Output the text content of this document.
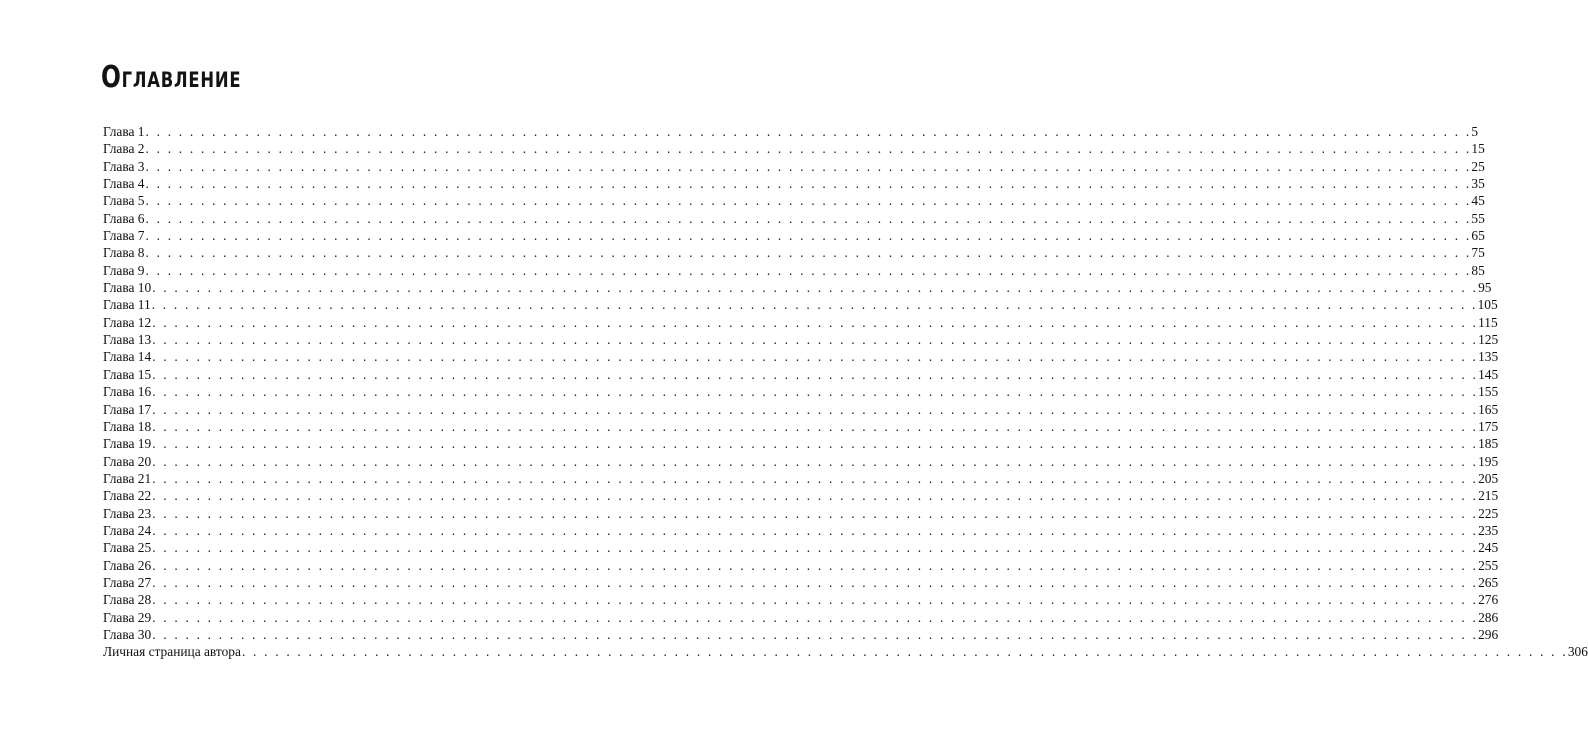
Оглавление
Глава 1 . . . . . . . . . . . . . . . . . . . . . . . . . . . . . . . . . . . . . . . . . . . . . . . . . . . . . . . . . . . . . . . . . . . . . . . . . . . . . . . . . . . . . . . . . . . . . . . . . . . . . . . . . . . . . . . . . . . . . . . . 5
Глава 2 . . . . . . . . . . . . . . . . . . . . . . . . . . . . . . . . . . . . . . . . . . . . . . . . . . . . . . . . . . . . . . . . . . . . . . . . . . . . . . . . . . . . . . . . . . . . . . . . . . . . . . . . . . . . . . . . . . . . . . . . 15
Глава 3 . . . . . . . . . . . . . . . . . . . . . . . . . . . . . . . . . . . . . . . . . . . . . . . . . . . . . . . . . . . . . . . . . . . . . . . . . . . . . . . . . . . . . . . . . . . . . . . . . . . . . . . . . . . . . . . . . . . . . . . . 25
Глава 4 . . . . . . . . . . . . . . . . . . . . . . . . . . . . . . . . . . . . . . . . . . . . . . . . . . . . . . . . . . . . . . . . . . . . . . . . . . . . . . . . . . . . . . . . . . . . . . . . . . . . . . . . . . . . . . . . . . . . . . . . 35
Глава 5 . . . . . . . . . . . . . . . . . . . . . . . . . . . . . . . . . . . . . . . . . . . . . . . . . . . . . . . . . . . . . . . . . . . . . . . . . . . . . . . . . . . . . . . . . . . . . . . . . . . . . . . . . . . . . . . . . . . . . . . . 45
Глава 6 . . . . . . . . . . . . . . . . . . . . . . . . . . . . . . . . . . . . . . . . . . . . . . . . . . . . . . . . . . . . . . . . . . . . . . . . . . . . . . . . . . . . . . . . . . . . . . . . . . . . . . . . . . . . . . . . . . . . . . . . 55
Глава 7 . . . . . . . . . . . . . . . . . . . . . . . . . . . . . . . . . . . . . . . . . . . . . . . . . . . . . . . . . . . . . . . . . . . . . . . . . . . . . . . . . . . . . . . . . . . . . . . . . . . . . . . . . . . . . . . . . . . . . . . . 65
Глава 8 . . . . . . . . . . . . . . . . . . . . . . . . . . . . . . . . . . . . . . . . . . . . . . . . . . . . . . . . . . . . . . . . . . . . . . . . . . . . . . . . . . . . . . . . . . . . . . . . . . . . . . . . . . . . . . . . . . . . . . . . 75
Глава 9 . . . . . . . . . . . . . . . . . . . . . . . . . . . . . . . . . . . . . . . . . . . . . . . . . . . . . . . . . . . . . . . . . . . . . . . . . . . . . . . . . . . . . . . . . . . . . . . . . . . . . . . . . . . . . . . . . . . . . . . . 85
Глава 10 . . . . . . . . . . . . . . . . . . . . . . . . . . . . . . . . . . . . . . . . . . . . . . . . . . . . . . . . . . . . . . . . . . . . . . . . . . . . . . . . . . . . . . . . . . . . . . . . . . . . . . . . . . . . . . . . . . . . . . . . 95
Глава 11 . . . . . . . . . . . . . . . . . . . . . . . . . . . . . . . . . . . . . . . . . . . . . . . . . . . . . . . . . . . . . . . . . . . . . . . . . . . . . . . . . . . . . . . . . . . . . . . . . . . . . . . . . . . . . . . . . . . . . . . . 105
Глава 12 . . . . . . . . . . . . . . . . . . . . . . . . . . . . . . . . . . . . . . . . . . . . . . . . . . . . . . . . . . . . . . . . . . . . . . . . . . . . . . . . . . . . . . . . . . . . . . . . . . . . . . . . . . . . . . . . . . . . . . . . 115
Глава 13 . . . . . . . . . . . . . . . . . . . . . . . . . . . . . . . . . . . . . . . . . . . . . . . . . . . . . . . . . . . . . . . . . . . . . . . . . . . . . . . . . . . . . . . . . . . . . . . . . . . . . . . . . . . . . . . . . . . . . . . . 125
Глава 14 . . . . . . . . . . . . . . . . . . . . . . . . . . . . . . . . . . . . . . . . . . . . . . . . . . . . . . . . . . . . . . . . . . . . . . . . . . . . . . . . . . . . . . . . . . . . . . . . . . . . . . . . . . . . . . . . . . . . . . . . 135
Глава 15 . . . . . . . . . . . . . . . . . . . . . . . . . . . . . . . . . . . . . . . . . . . . . . . . . . . . . . . . . . . . . . . . . . . . . . . . . . . . . . . . . . . . . . . . . . . . . . . . . . . . . . . . . . . . . . . . . . . . . . . . 145
Глава 16 . . . . . . . . . . . . . . . . . . . . . . . . . . . . . . . . . . . . . . . . . . . . . . . . . . . . . . . . . . . . . . . . . . . . . . . . . . . . . . . . . . . . . . . . . . . . . . . . . . . . . . . . . . . . . . . . . . . . . . . . 155
Глава 17 . . . . . . . . . . . . . . . . . . . . . . . . . . . . . . . . . . . . . . . . . . . . . . . . . . . . . . . . . . . . . . . . . . . . . . . . . . . . . . . . . . . . . . . . . . . . . . . . . . . . . . . . . . . . . . . . . . . . . . . . 165
Глава 18 . . . . . . . . . . . . . . . . . . . . . . . . . . . . . . . . . . . . . . . . . . . . . . . . . . . . . . . . . . . . . . . . . . . . . . . . . . . . . . . . . . . . . . . . . . . . . . . . . . . . . . . . . . . . . . . . . . . . . . . . 175
Глава 19 . . . . . . . . . . . . . . . . . . . . . . . . . . . . . . . . . . . . . . . . . . . . . . . . . . . . . . . . . . . . . . . . . . . . . . . . . . . . . . . . . . . . . . . . . . . . . . . . . . . . . . . . . . . . . . . . . . . . . . . . 185
Глава 20 . . . . . . . . . . . . . . . . . . . . . . . . . . . . . . . . . . . . . . . . . . . . . . . . . . . . . . . . . . . . . . . . . . . . . . . . . . . . . . . . . . . . . . . . . . . . . . . . . . . . . . . . . . . . . . . . . . . . . . . . 195
Глава 21 . . . . . . . . . . . . . . . . . . . . . . . . . . . . . . . . . . . . . . . . . . . . . . . . . . . . . . . . . . . . . . . . . . . . . . . . . . . . . . . . . . . . . . . . . . . . . . . . . . . . . . . . . . . . . . . . . . . . . . . . 205
Глава 22 . . . . . . . . . . . . . . . . . . . . . . . . . . . . . . . . . . . . . . . . . . . . . . . . . . . . . . . . . . . . . . . . . . . . . . . . . . . . . . . . . . . . . . . . . . . . . . . . . . . . . . . . . . . . . . . . . . . . . . . . 215
Глава 23 . . . . . . . . . . . . . . . . . . . . . . . . . . . . . . . . . . . . . . . . . . . . . . . . . . . . . . . . . . . . . . . . . . . . . . . . . . . . . . . . . . . . . . . . . . . . . . . . . . . . . . . . . . . . . . . . . . . . . . . . 225
Глава 24 . . . . . . . . . . . . . . . . . . . . . . . . . . . . . . . . . . . . . . . . . . . . . . . . . . . . . . . . . . . . . . . . . . . . . . . . . . . . . . . . . . . . . . . . . . . . . . . . . . . . . . . . . . . . . . . . . . . . . . . . 235
Глава 25 . . . . . . . . . . . . . . . . . . . . . . . . . . . . . . . . . . . . . . . . . . . . . . . . . . . . . . . . . . . . . . . . . . . . . . . . . . . . . . . . . . . . . . . . . . . . . . . . . . . . . . . . . . . . . . . . . . . . . . . . 245
Глава 26 . . . . . . . . . . . . . . . . . . . . . . . . . . . . . . . . . . . . . . . . . . . . . . . . . . . . . . . . . . . . . . . . . . . . . . . . . . . . . . . . . . . . . . . . . . . . . . . . . . . . . . . . . . . . . . . . . . . . . . . . 255
Глава 27 . . . . . . . . . . . . . . . . . . . . . . . . . . . . . . . . . . . . . . . . . . . . . . . . . . . . . . . . . . . . . . . . . . . . . . . . . . . . . . . . . . . . . . . . . . . . . . . . . . . . . . . . . . . . . . . . . . . . . . . . 265
Глава 28 . . . . . . . . . . . . . . . . . . . . . . . . . . . . . . . . . . . . . . . . . . . . . . . . . . . . . . . . . . . . . . . . . . . . . . . . . . . . . . . . . . . . . . . . . . . . . . . . . . . . . . . . . . . . . . . . . . . . . . . . 276
Глава 29 . . . . . . . . . . . . . . . . . . . . . . . . . . . . . . . . . . . . . . . . . . . . . . . . . . . . . . . . . . . . . . . . . . . . . . . . . . . . . . . . . . . . . . . . . . . . . . . . . . . . . . . . . . . . . . . . . . . . . . . . 286
Глава 30 . . . . . . . . . . . . . . . . . . . . . . . . . . . . . . . . . . . . . . . . . . . . . . . . . . . . . . . . . . . . . . . . . . . . . . . . . . . . . . . . . . . . . . . . . . . . . . . . . . . . . . . . . . . . . . . . . . . . . . . . 296
Личная страница автора . . . . . . . . . . . . . . . . . . . . . . . . . . . . . . . . . . . . . . . . . . . . . . . . . . . . . . . . . . . . . . . . . . . . . . . . . . . . . . . . . . . . . . . . . . . . . . . . . . . . . . . . . . . . . . . . . . . . . . . . 306
